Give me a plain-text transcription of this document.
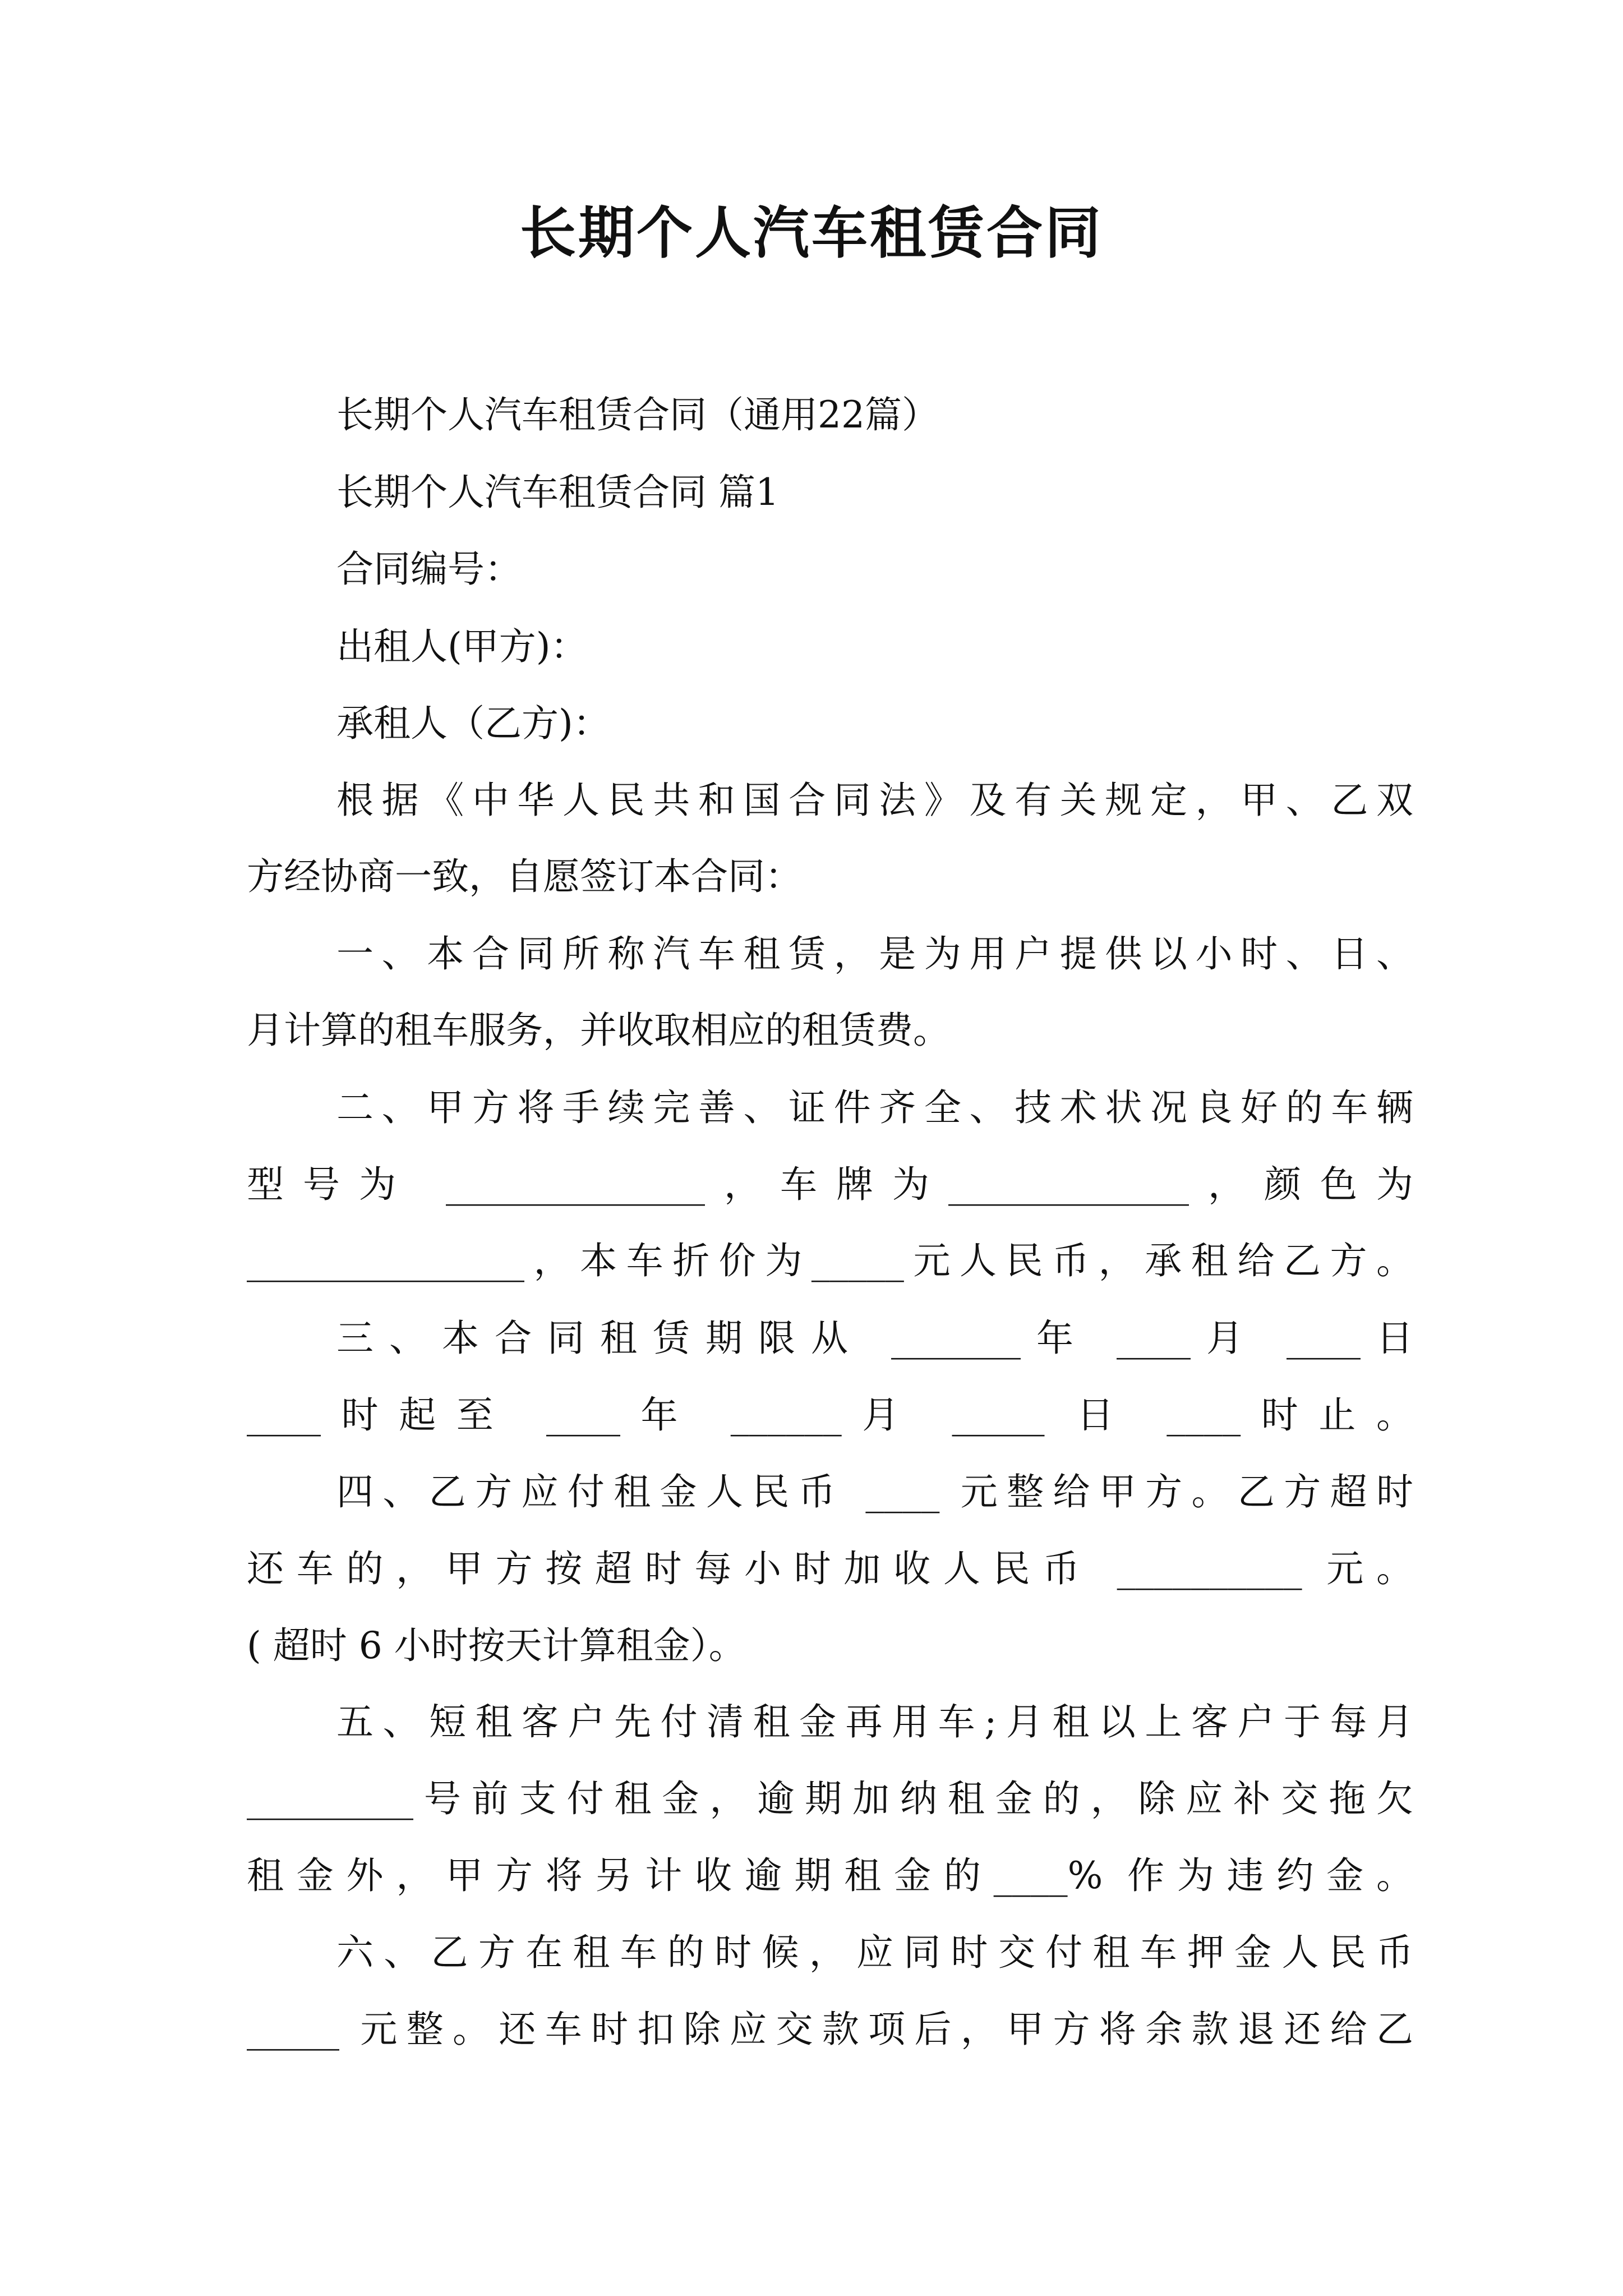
长期个人汽车租赁合同
长期个人汽车租赁合同（通用22篇）
长期个人汽车租赁合同 篇1
合同编号：
出租人(甲方)：
承租人（乙方)：
根据《中华人民共和国合同法》及有关规定，甲、乙双
方经协商一致，自愿签订本合同：
一、本合同所称汽车租赁，是为用户提供以小时、日、
月计算的租车服务，并收取相应的租赁费。
二、甲方将手续完善、证件齐全、技术状况良好的车辆
型号为 ______________，车牌为_____________，颜色为
_______________，本车折价为_____元人民币，承租给乙方。
三、本合同租赁期限从 _______年 ____月 ____日
____时起至 ____年 ______月 _____ 日 ____时止。
四、乙方应付租金人民币 ____ 元整给甲方。乙方超时
还车的，甲方按超时每小时加收人民币 __________ 元。
( 超时 6 小时按天计算租金）。
五、短租客户先付清租金再用车;月租以上客户于每月
_________号前支付租金，逾期加纳租金的，除应补交拖欠
租金外，甲方将另计收逾期租金的____% 作为违约金。
六、乙方在租车的时候，应同时交付租车押金人民币
_____ 元整。还车时扣除应交款项后，甲方将余款退还给乙
